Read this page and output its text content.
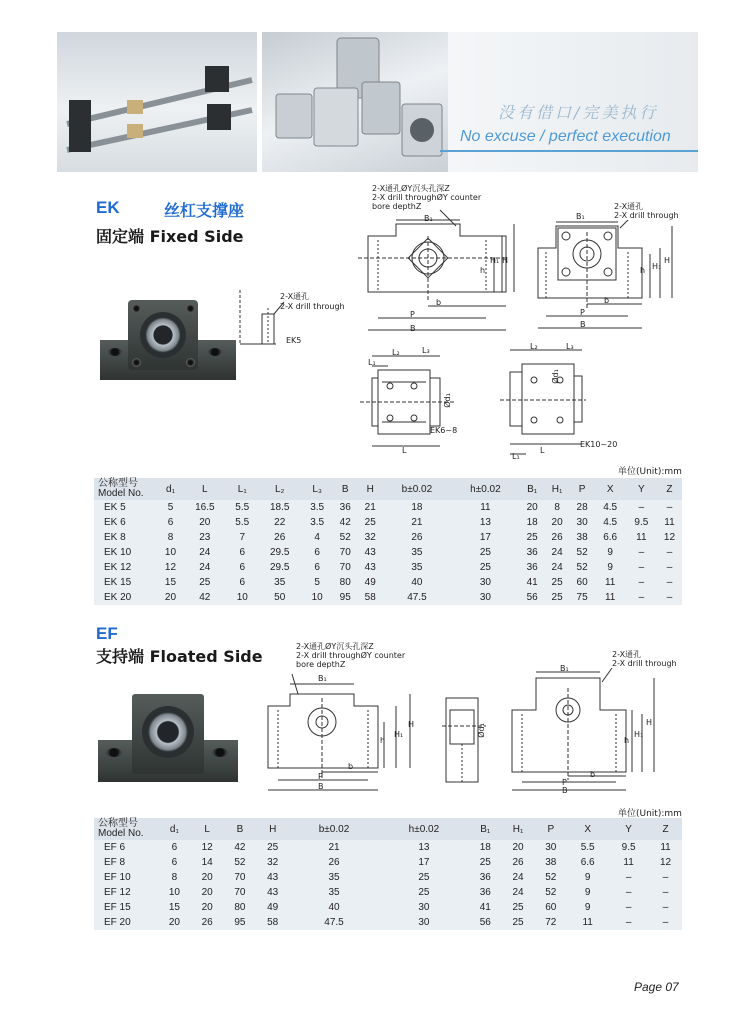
没有借口/完美执行
No excuse / perfect execution
EK	丝杠支撑座
固定端 Fixed Side
2-X通孔
2-X drill through
EK5
2-X通孔ØY沉头孔深Z
2-X drill throughØY counter
bore depthZ
B₁
b
P
B
h
H₁ H
2-X通孔
2-X drill through
B₁
b
P
B
h H₁
H
L₂	L₃
L₁
Ød₁
L
EK6~8
L₂	L₃
Ød₁
L
L₁
EK10~20
单位(Unit):mm
公称型号
Model No.	d₁	L	L₁	L₂	L₃	B	H	b±0.02	h±0.02	B₁	H₁	P	X	Y	Z
EK 5	5	16.5	5.5	18.5	3.5	36	21	18	11	20	8	28	4.5	–	–
EK 6	6	20	5.5	22	3.5	42	25	21	13	18	20	30	4.5	9.5	11
EK 8	8	23	7	26	4	52	32	26	17	25	26	38	6.6	11	12
EK 10	10	24	6	29.5	6	70	43	35	25	36	24	52	9	–	–
EK 12	12	24	6	29.5	6	70	43	35	25	36	24	52	9	–	–
EK 15	15	25	6	35	5	80	49	40	30	41	25	60	11	–	–
EK 20	20	42	10	50	10	95	58	47.5	30	56	25	75	11	–	–
EF
支持端 Floated Side
2-X通孔ØY沉头孔深Z
2-X drill throughØY counter
bore depthZ
B₁
b
P
B
h
H₁
H	Ød₁
2-X通孔
2-X drill through
B₁
b
P
B
h
H₁
H
单位(Unit):mm
公称型号
Model No.	d₁	L	B	H	b±0.02	h±0.02	B₁	H₁	P	X	Y	Z
EF 6	6	12	42	25	21	13	18	20	30	5.5	9.5	11
EF 8	6	14	52	32	26	17	25	26	38	6.6	11	12
EF 10	8	20	70	43	35	25	36	24	52	9	–	–
EF 12	10	20	70	43	35	25	36	24	52	9	–	–
EF 15	15	20	80	49	40	30	41	25	60	9	–	–
EF 20	20	26	95	58	47.5	30	56	25	72	11	–	–
Page 07
